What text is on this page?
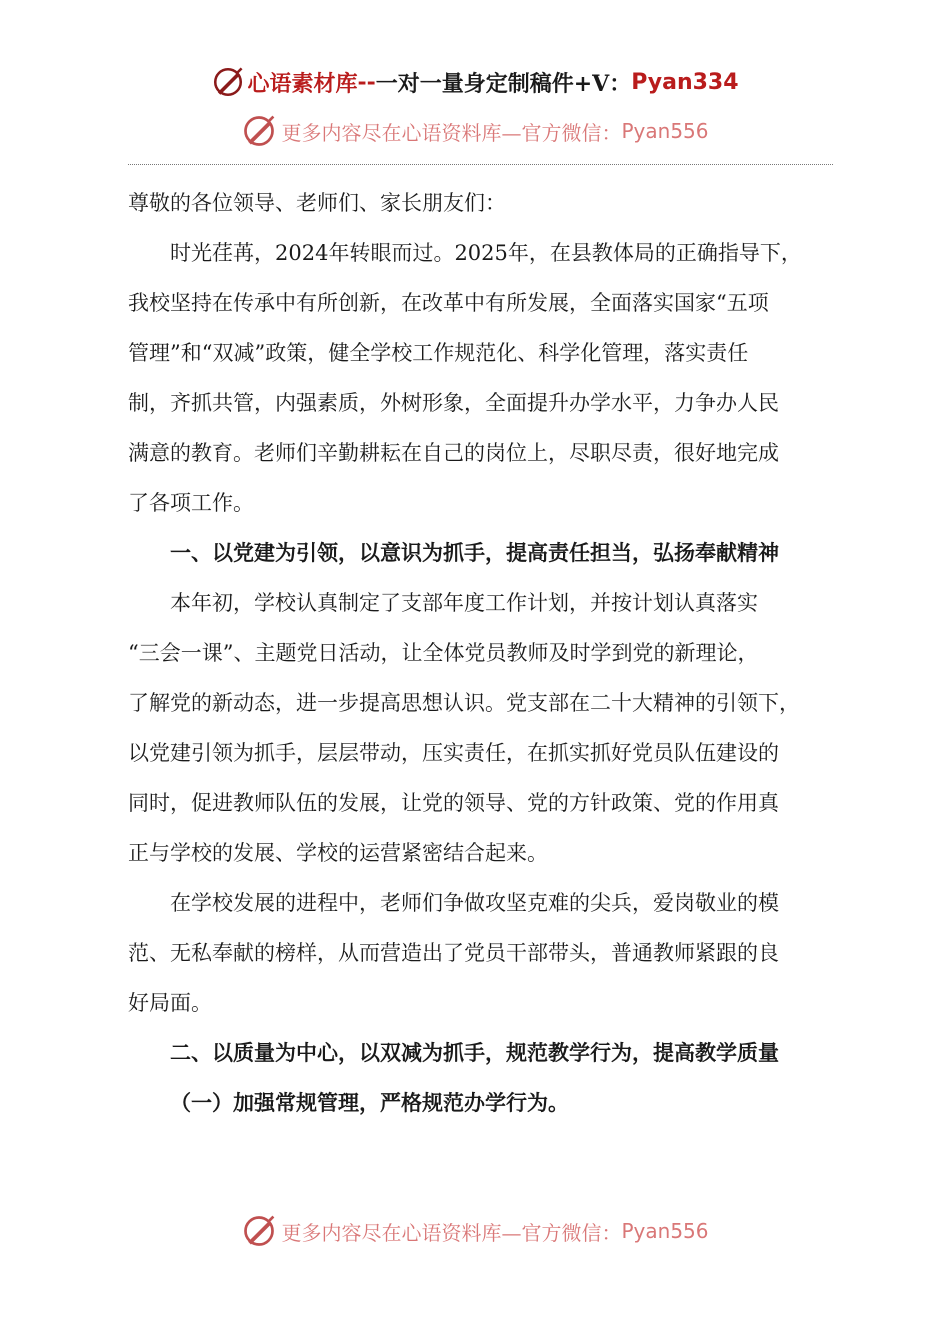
心语素材库 -- 一对一量身定制稿件+V： Pyan334
更多内容尽在心语资料库—官方微信： Pyan556
尊敬的各位领导、老师们、家长朋友们：
时光荏苒，2024年转眼而过。2025年，在县教体局的正确指导下，
我校坚持在传承中有所创新，在改革中有所发展，全面落实国家“五项
管理”和“双减”政策，健全学校工作规范化、科学化管理，落实责任
制，齐抓共管，内强素质，外树形象，全面提升办学水平，力争办人民
满意的教育。老师们辛勤耕耘在自己的岗位上，尽职尽责，很好地完成
了各项工作。
一、以党建为引领，以意识为抓手，提高责任担当，弘扬奉献精神
本年初，学校认真制定了支部年度工作计划，并按计划认真落实
“三会一课”、主题党日活动，让全体党员教师及时学到党的新理论，
了解党的新动态，进一步提高思想认识。党支部在二十大精神的引领下，
以党建引领为抓手，层层带动，压实责任，在抓实抓好党员队伍建设的
同时，促进教师队伍的发展，让党的领导、党的方针政策、党的作用真
正与学校的发展、学校的运营紧密结合起来。
在学校发展的进程中，老师们争做攻坚克难的尖兵，爱岗敬业的模
范、无私奉献的榜样，从而营造出了党员干部带头，普通教师紧跟的良
好局面。
二、以质量为中心，以双减为抓手，规范教学行为，提高教学质量
（一）加强常规管理，严格规范办学行为。
更多内容尽在心语资料库—官方微信： Pyan556
